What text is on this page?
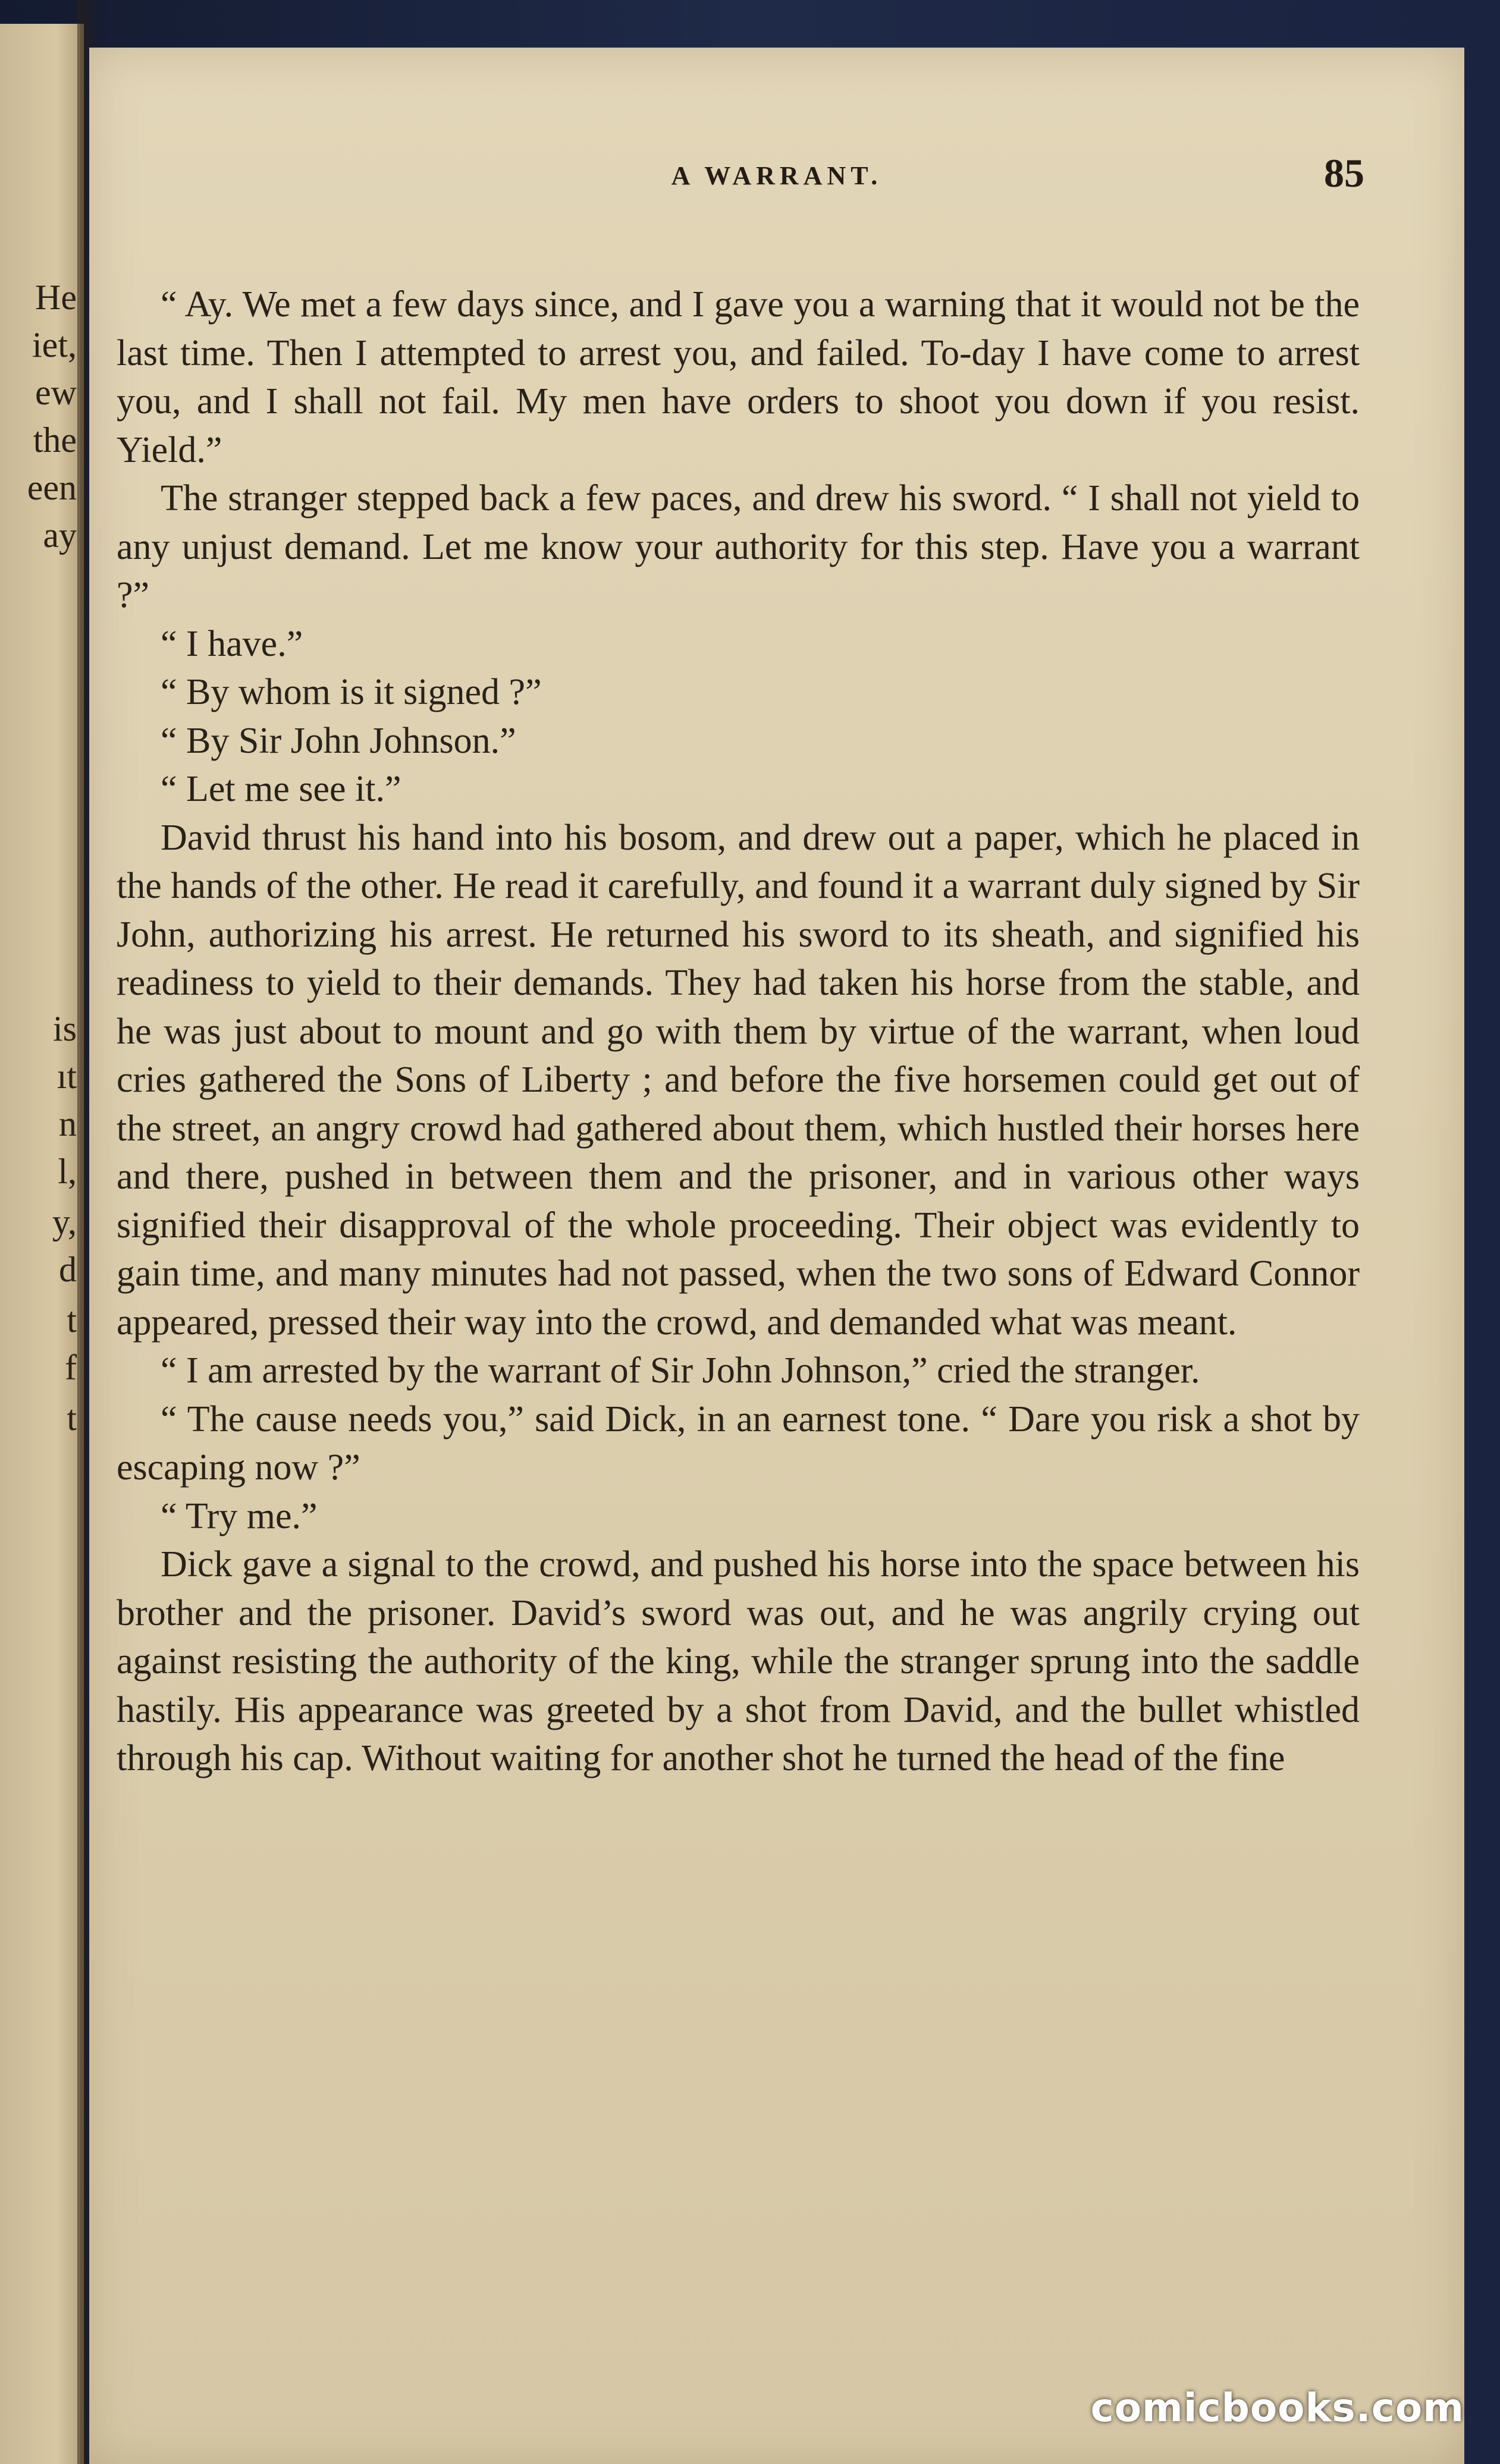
He
iet,
ew
the
een
ay
is
ıt
n
l,
y,
d
t
f
t
A WARRANT.	85

“ Ay. We met a few days since, and I gave you a warning that it would not be the last time. Then I attempted to arrest you, and failed. To-day I have come to arrest you, and I shall not fail. My men have orders to shoot you down if you resist. Yield.”

The stranger stepped back a few paces, and drew his sword. “ I shall not yield to any unjust demand. Let me know your authority for this step. Have you a warrant ?”

“ I have.”

“ By whom is it signed ?”

“ By Sir John Johnson.”

“ Let me see it.”

David thrust his hand into his bosom, and drew out a paper, which he placed in the hands of the other. He read it carefully, and found it a warrant duly signed by Sir John, authorizing his arrest. He returned his sword to its sheath, and signified his readiness to yield to their demands. They had taken his horse from the stable, and he was just about to mount and go with them by virtue of the warrant, when loud cries gathered the Sons of Liberty ; and before the five horsemen could get out of the street, an angry crowd had gathered about them, which hustled their horses here and there, pushed in between them and the prisoner, and in various other ways signified their disapproval of the whole proceeding. Their object was evidently to gain time, and many minutes had not passed, when the two sons of Edward Connor appeared, pressed their way into the crowd, and demanded what was meant.

“ I am arrested by the warrant of Sir John Johnson,” cried the stranger.

“ The cause needs you,” said Dick, in an earnest tone. “ Dare you risk a shot by escaping now ?”

“ Try me.”

Dick gave a signal to the crowd, and pushed his horse into the space between his brother and the prisoner. David’s sword was out, and he was angrily crying out against resisting the authority of the king, while the stranger sprung into the saddle hastily. His appearance was greeted by a shot from David, and the bullet whistled through his cap. Without waiting for another shot he turned the head of the fine

comicbooks.com
